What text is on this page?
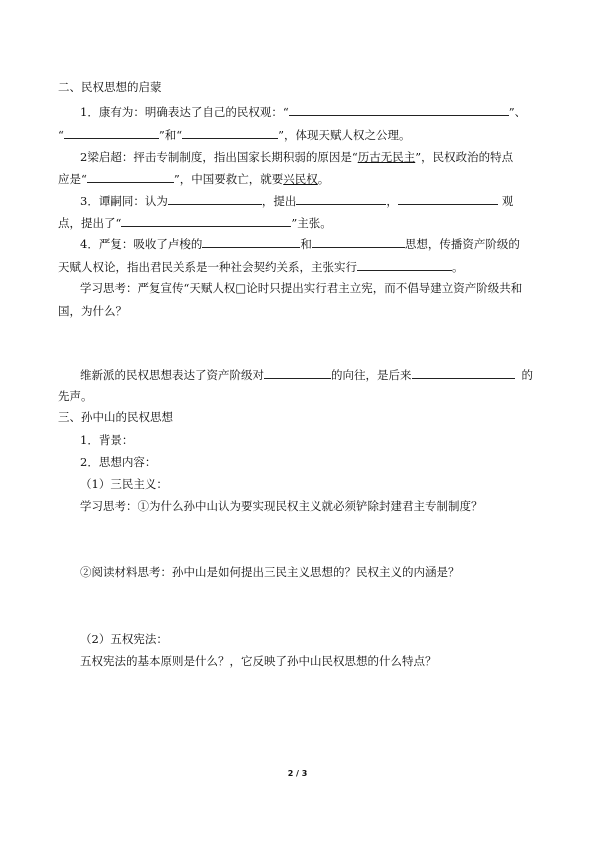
二、民权思想的启蒙
1．康有为：明确表达了自己的民权观：“	”、
“	”和“	”，体现天赋人权之公理。
2梁启超：抨击专制制度，指出国家长期积弱的原因是“历古无民主”，民权政治的特点
应是“	”，中国要救亡，就要兴民权。
3．谭嗣同：认为	，提出	，	观
点，提出了“	”主张。
4．严复：吸收了卢梭的	和	思想，传播资产阶级的
天赋人权论，指出君民关系是一种社会契约关系，主张实行	。
学习思考：严复宣传“天赋人权□论时只提出实行君主立宪，而不倡导建立资产阶级共和
国，为什么？
维新派的民权思想表达了资产阶级对	的向往，是后来	的
先声。
三、孙中山的民权思想
1．背景：
2．思想内容：
（1）三民主义：
学习思考：①为什么孙中山认为要实现民权主义就必须铲除封建君主专制制度？
②阅读材料思考：孙中山是如何提出三民主义思想的？民权主义的内涵是？
（2）五权宪法：
五权宪法的基本原则是什么？，它反映了孙中山民权思想的什么特点？
2 / 3
